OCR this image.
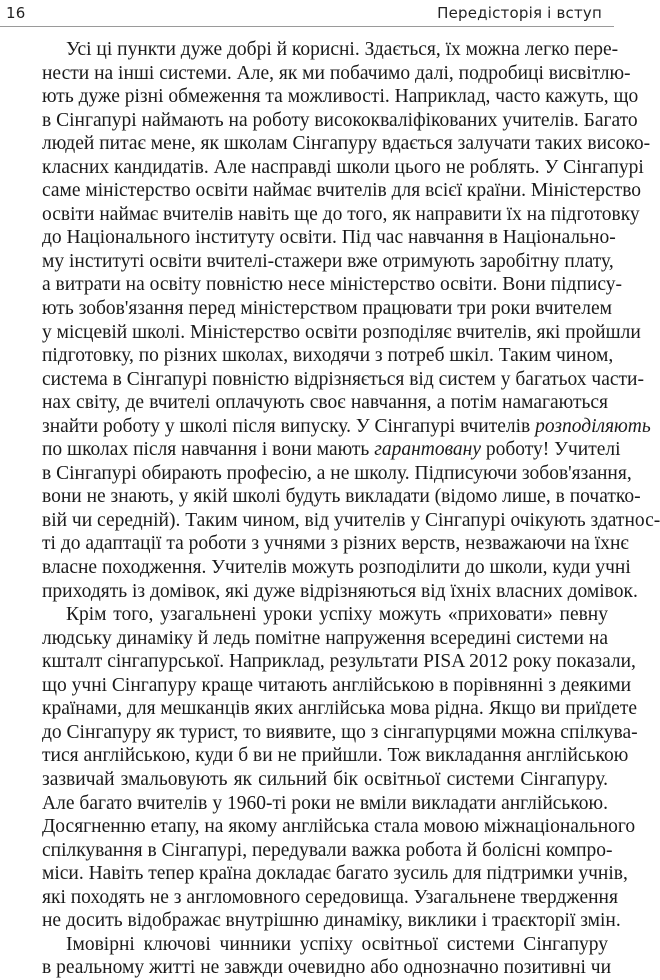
16	Передісторія і вступ
Усі ці пункти дуже добрі й корисні. Здається, їх можна легко пере-
нести на інші системи. Але, як ми побачимо далі, подробиці висвітлю-
ють дуже різні обмеження та можливості. Наприклад, часто кажуть, що
в Сінгапурі наймають на роботу висококваліфікованих учителів. Багато
людей питає мене, як школам Сінгапуру вдається залучати таких високо-
класних кандидатів. Але насправді школи цього не роблять. У Сінгапурі
саме міністерство освіти наймає вчителів для всієї країни. Міністерство
освіти наймає вчителів навіть ще до того, як направити їх на підготовку
до Національного інституту освіти. Під час навчання в Національно-
му інституті освіти вчителі-стажери вже отримують заробітну плату,
а витрати на освіту повністю несе міністерство освіти. Вони підпису-
ють зобов'язання перед міністерством працювати три роки вчителем
у місцевій школі. Міністерство освіти розподіляє вчителів, які пройшли
підготовку, по різних школах, виходячи з потреб шкіл. Таким чином,
система в Сінгапурі повністю відрізняється від систем у багатьох части-
нах світу, де вчителі оплачують своє навчання, а потім намагаються
знайти роботу у школі після випуску. У Сінгапурі вчителів розподіляють
по школах після навчання і вони мають гарантовану роботу! Учителі
в Сінгапурі обирають професію, а не школу. Підписуючи зобов'язання,
вони не знають, у якій школі будуть викладати (відомо лише, в початко-
вій чи середній). Таким чином, від учителів у Сінгапурі очікують здатнос-
ті до адаптації та роботи з учнями з різних верств, незважаючи на їхнє
власне походження. Учителів можуть розподілити до школи, куди учні
приходять із домівок, які дуже відрізняються від їхніх власних домівок.
Крім того, узагальнені уроки успіху можуть «приховати» певну
людську динаміку й ледь помітне напруження всередині системи на
кшталт сінгапурської. Наприклад, результати PISA 2012 року показали,
що учні Сінгапуру краще читають англійською в порівнянні з деякими
країнами, для мешканців яких англійська мова рідна. Якщо ви приїдете
до Сінгапуру як турист, то виявите, що з сінгапурцями можна спілкува-
тися англійською, куди б ви не прийшли. Тож викладання англійською
зазвичай змальовують як сильний бік освітньої системи Сінгапуру.
Але багато вчителів у 1960-ті роки не вміли викладати англійською.
Досягненню етапу, на якому англійська стала мовою міжнаціонального
спілкування в Сінгапурі, передували важка робота й болісні компро-
міси. Навіть тепер країна докладає багато зусиль для підтримки учнів,
які походять не з англомовного середовища. Узагальнене твердження
не досить відображає внутрішню динаміку, виклики і траєкторії змін.
Імовірні ключові чинники успіху освітньої системи Сінгапуру
в реальному житті не завжди очевидно або однозначно позитивні чи
